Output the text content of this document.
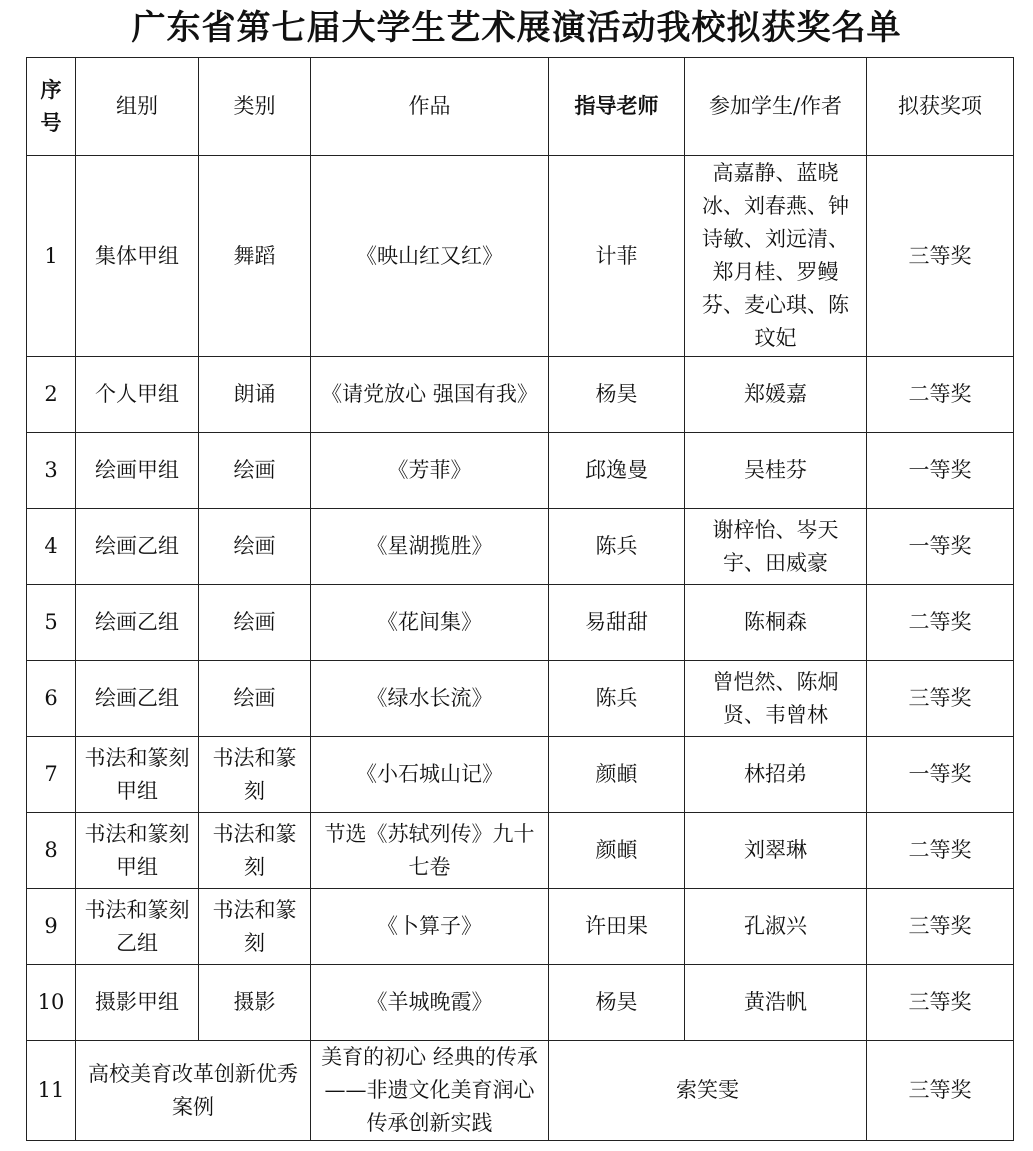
广东省第七届大学生艺术展演活动我校拟获奖名单
序号	组别	类别	作品	指导老师	参加学生/作者	拟获奖项
1	集体甲组	舞蹈	《映山红又红》	计菲	高嘉静、蓝晓冰、刘春燕、钟诗敏、刘远清、郑月桂、罗鳗芬、麦心琪、陈玟妃	三等奖
2	个人甲组	朗诵	《请党放心 强国有我》	杨昊	郑媛嘉	二等奖
3	绘画甲组	绘画	《芳菲》	邱逸曼	吴桂芬	一等奖
4	绘画乙组	绘画	《星湖揽胜》	陈兵	谢梓怡、岑天宇、田威豪	一等奖
5	绘画乙组	绘画	《花间集》	易甜甜	陈桐森	二等奖
6	绘画乙组	绘画	《绿水长流》	陈兵	曾恺然、陈炯贤、韦曾林	三等奖
7	书法和篆刻甲组	书法和篆刻	《小石城山记》	颜頔	林招弟	一等奖
8	书法和篆刻甲组	书法和篆刻	节选《苏轼列传》九十七卷	颜頔	刘翠琳	二等奖
9	书法和篆刻乙组	书法和篆刻	《卜算子》	许田果	孔淑兴	三等奖
10	摄影甲组	摄影	《羊城晚霞》	杨昊	黄浩帆	三等奖
11	高校美育改革创新优秀案例		美育的初心 经典的传承——非遗文化美育润心传承创新实践	索笑雯		三等奖
